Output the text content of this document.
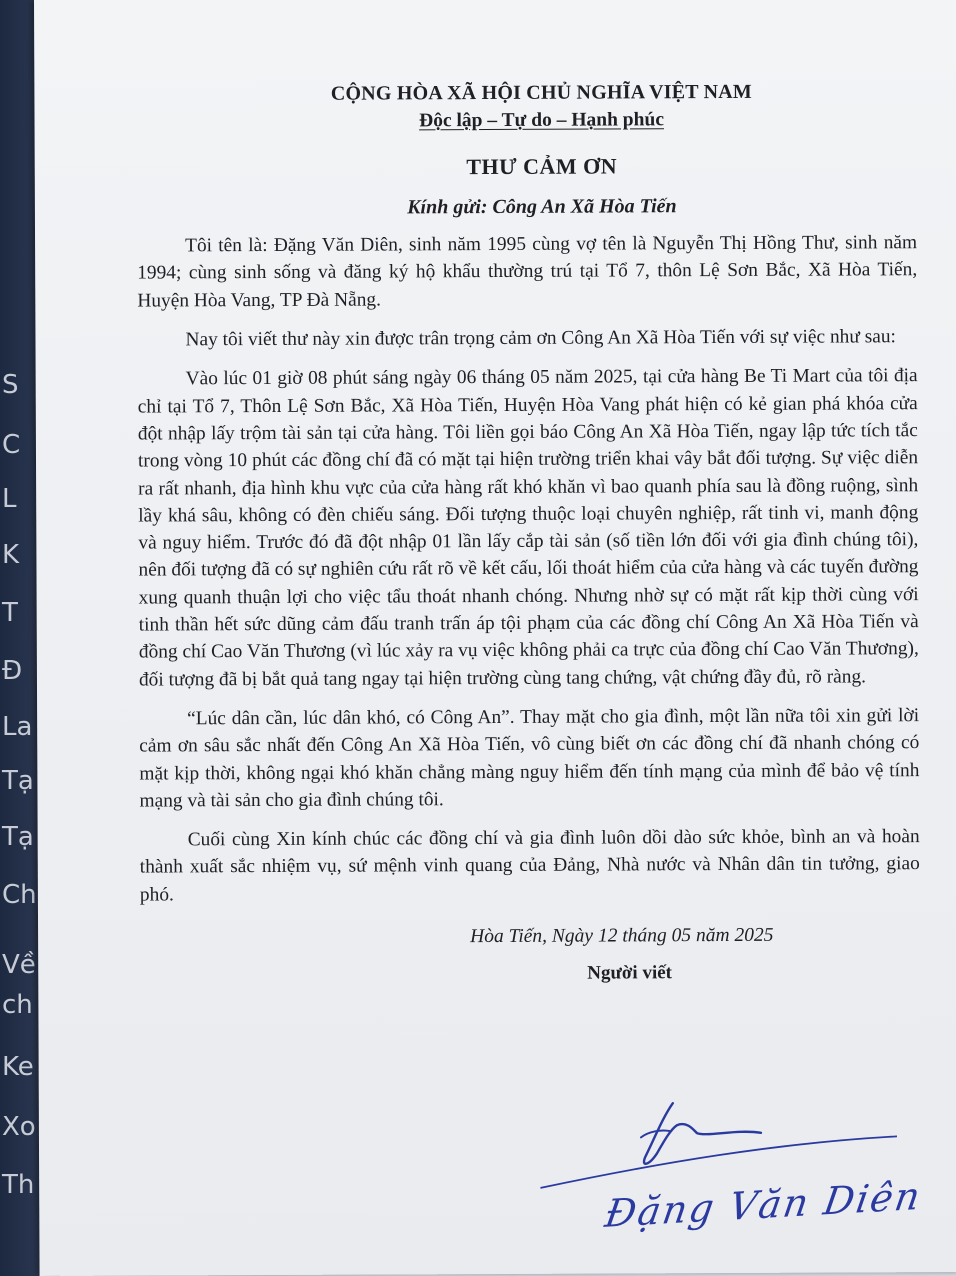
S
C
L
K
T
Đ
La
Tạ
Tạ
Ch
Về
ch
Ke
Xo
Th
CỘNG HÒA XÃ HỘI CHỦ NGHĨA VIỆT NAM
Độc lập – Tự do – Hạnh phúc
THƯ CẢM ƠN
Kính gửi: Công An Xã Hòa Tiến

Tôi tên là: Đặng Văn Diên, sinh năm 1995 cùng vợ tên là Nguyễn Thị Hồng Thư, sinh năm 1994; cùng sinh sống và đăng ký hộ khẩu thường trú tại Tổ 7, thôn Lệ Sơn Bắc, Xã Hòa Tiến, Huyện Hòa Vang, TP Đà Nẵng.

Nay tôi viết thư này xin được trân trọng cảm ơn Công An Xã Hòa Tiến với sự việc như sau:

Vào lúc 01 giờ 08 phút sáng ngày 06 tháng 05 năm 2025, tại cửa hàng Be Ti Mart của tôi địa chỉ tại Tổ 7, Thôn Lệ Sơn Bắc, Xã Hòa Tiến, Huyện Hòa Vang phát hiện có kẻ gian phá khóa cửa đột nhập lấy trộm tài sản tại cửa hàng. Tôi liền gọi báo Công An Xã Hòa Tiến, ngay lập tức tích tắc trong vòng 10 phút các đồng chí đã có mặt tại hiện trường triển khai vây bắt đối tượng. Sự việc diễn ra rất nhanh, địa hình khu vực của cửa hàng rất khó khăn vì bao quanh phía sau là đồng ruộng, sình lầy khá sâu, không có đèn chiếu sáng. Đối tượng thuộc loại chuyên nghiệp, rất tinh vi, manh động và nguy hiểm. Trước đó đã đột nhập 01 lần lấy cắp tài sản (số tiền lớn đối với gia đình chúng tôi), nên đối tượng đã có sự nghiên cứu rất rõ về kết cấu, lối thoát hiểm của cửa hàng và các tuyến đường xung quanh thuận lợi cho việc tẩu thoát nhanh chóng. Nhưng nhờ sự có mặt rất kịp thời cùng với tinh thần hết sức dũng cảm đấu tranh trấn áp tội phạm của các đồng chí Công An Xã Hòa Tiến và đồng chí Cao Văn Thương (vì lúc xảy ra vụ việc không phải ca trực của đồng chí Cao Văn Thương), đối tượng đã bị bắt quả tang ngay tại hiện trường cùng tang chứng, vật chứng đầy đủ, rõ ràng.

“Lúc dân cần, lúc dân khó, có Công An”. Thay mặt cho gia đình, một lần nữa tôi xin gửi lời cảm ơn sâu sắc nhất đến Công An Xã Hòa Tiến, vô cùng biết ơn các đồng chí đã nhanh chóng có mặt kịp thời, không ngại khó khăn chẳng màng nguy hiểm đến tính mạng của mình để bảo vệ tính mạng và tài sản cho gia đình chúng tôi.

Cuối cùng Xin kính chúc các đồng chí và gia đình luôn dồi dào sức khỏe, bình an và hoàn thành xuất sắc nhiệm vụ, sứ mệnh vinh quang của Đảng, Nhà nước và Nhân dân tin tưởng, giao phó.

Hòa Tiến, Ngày 12 tháng 05 năm 2025
Người viết
Đặng Văn Diên
